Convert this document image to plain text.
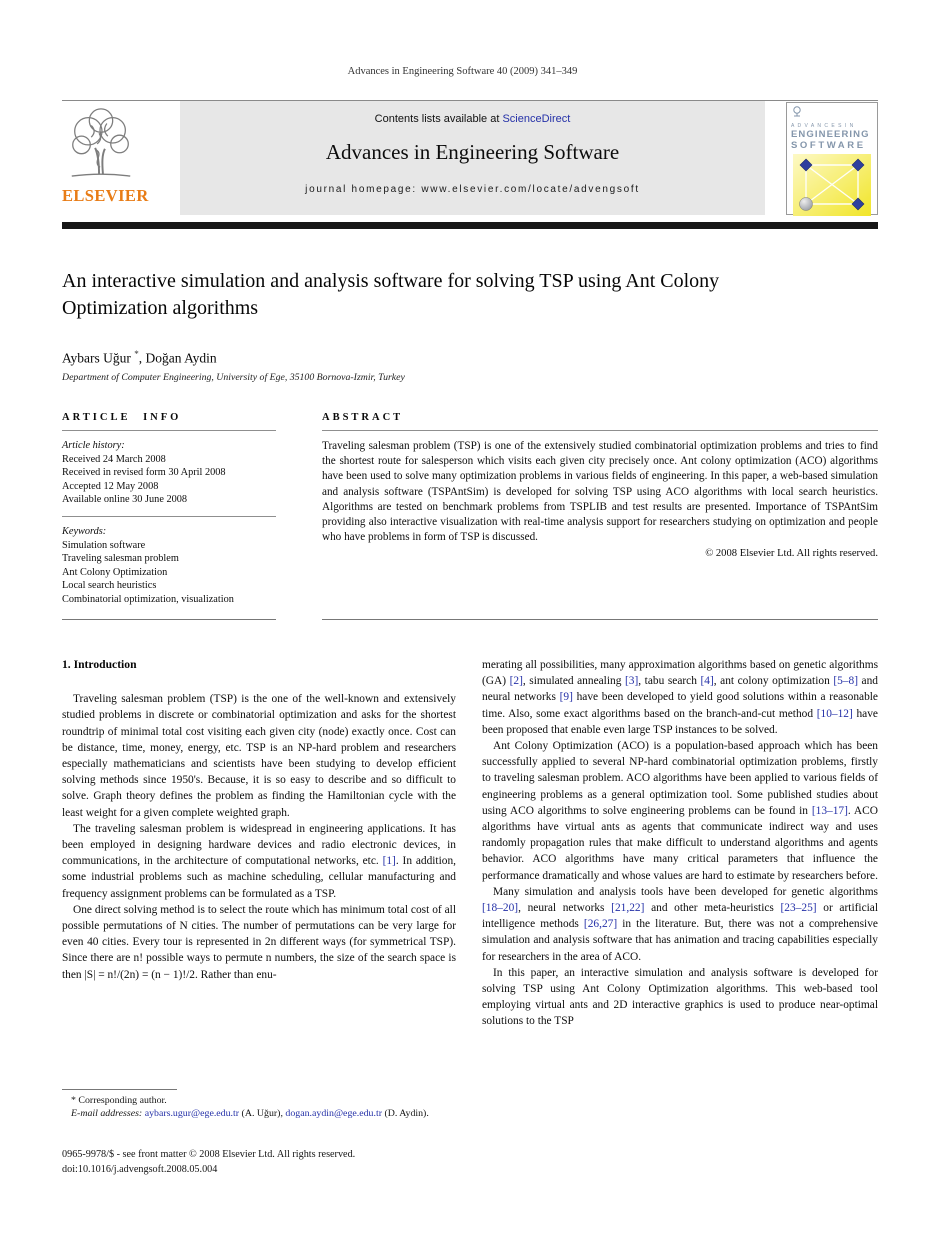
Advances in Engineering Software 40 (2009) 341–349
ELSEVIER
Contents lists available at ScienceDirect
Advances in Engineering Software
journal homepage: www.elsevier.com/locate/advengsoft
A D V A N C E S I N
ENGINEERING
SOFTWARE
An interactive simulation and analysis software for solving TSP using Ant Colony Optimization algorithms
Aybars Uğur *, Doğan Aydin
Department of Computer Engineering, University of Ege, 35100 Bornova-Izmir, Turkey
ARTICLE INFO
Article history:
Received 24 March 2008
Received in revised form 30 April 2008
Accepted 12 May 2008
Available online 30 June 2008
Keywords:
Simulation software
Traveling salesman problem
Ant Colony Optimization
Local search heuristics
Combinatorial optimization, visualization
ABSTRACT

Traveling salesman problem (TSP) is one of the extensively studied combinatorial optimization problems and tries to find the shortest route for salesperson which visits each given city precisely once. Ant colony optimization (ACO) algorithms have been used to solve many optimization problems in various fields of engineering. In this paper, a web-based simulation and analysis software (TSPAntSim) is developed for solving TSP using ACO algorithms with local search heuristics. Algorithms are tested on benchmark problems from TSPLIB and test results are presented. Importance of TSPAntSim providing also interactive visualization with real-time analysis support for researchers studying on optimization and people who have problems in form of TSP is discussed.

© 2008 Elsevier Ltd. All rights reserved.
1. Introduction

Traveling salesman problem (TSP) is the one of the well-known and extensively studied problems in discrete or combinatorial optimization and asks for the shortest roundtrip of minimal total cost visiting each given city (node) exactly once. Cost can be distance, time, money, energy, etc. TSP is an NP-hard problem and researchers especially mathematicians and scientists have been studying to develop efficient solving methods since 1950's. Because, it is so easy to describe and so difficult to solve. Graph theory defines the problem as finding the Hamiltonian cycle with the least weight for a given complete weighted graph.

The traveling salesman problem is widespread in engineering applications. It has been employed in designing hardware devices and radio electronic devices, in communications, in the architecture of computational networks, etc. [1]. In addition, some industrial problems such as machine scheduling, cellular manufacturing and frequency assignment problems can be formulated as a TSP.

One direct solving method is to select the route which has minimum total cost of all possible permutations of N cities. The number of permutations can be very large for even 40 cities. Every tour is represented in 2n different ways (for symmetrical TSP). Since there are n! possible ways to permute n numbers, the size of the search space is then |S| = n!/(2n) = (n − 1)!/2. Rather than enu-

merating all possibilities, many approximation algorithms based on genetic algorithms (GA) [2], simulated annealing [3], tabu search [4], ant colony optimization [5–8] and neural networks [9] have been developed to yield good solutions within a reasonable time. Also, some exact algorithms based on the branch-and-cut method [10–12] have been proposed that enable even large TSP instances to be solved.

Ant Colony Optimization (ACO) is a population-based approach which has been successfully applied to several NP-hard combinatorial optimization problems, firstly to traveling salesman problem. ACO algorithms have been applied to various fields of engineering problems as a general optimization tool. Some published studies about using ACO algorithms to solve engineering problems can be found in [13–17]. ACO algorithms have virtual ants as agents that communicate indirect way and uses randomly propagation rules that make difficult to understand algorithms and agents behavior. ACO algorithms have many critical parameters that influence the performance dramatically and whose values are hard to estimate by researchers before.

Many simulation and analysis tools have been developed for genetic algorithms [18–20], neural networks [21,22] and other meta-heuristics [23–25] or artificial intelligence methods [26,27] in the literature. But, there was not a comprehensive simulation and analysis software that has animation and tracing capabilities especially for researchers in the area of ACO.

In this paper, an interactive simulation and analysis software is developed for solving TSP using Ant Colony Optimization algorithms. This web-based tool employing virtual ants and 2D interactive graphics is used to produce near-optimal solutions to the TSP

* Corresponding author.
E-mail addresses: aybars.ugur@ege.edu.tr (A. Uğur), dogan.aydin@ege.edu.tr (D. Aydin).
0965-9978/$ - see front matter © 2008 Elsevier Ltd. All rights reserved.
doi:10.1016/j.advengsoft.2008.05.004
